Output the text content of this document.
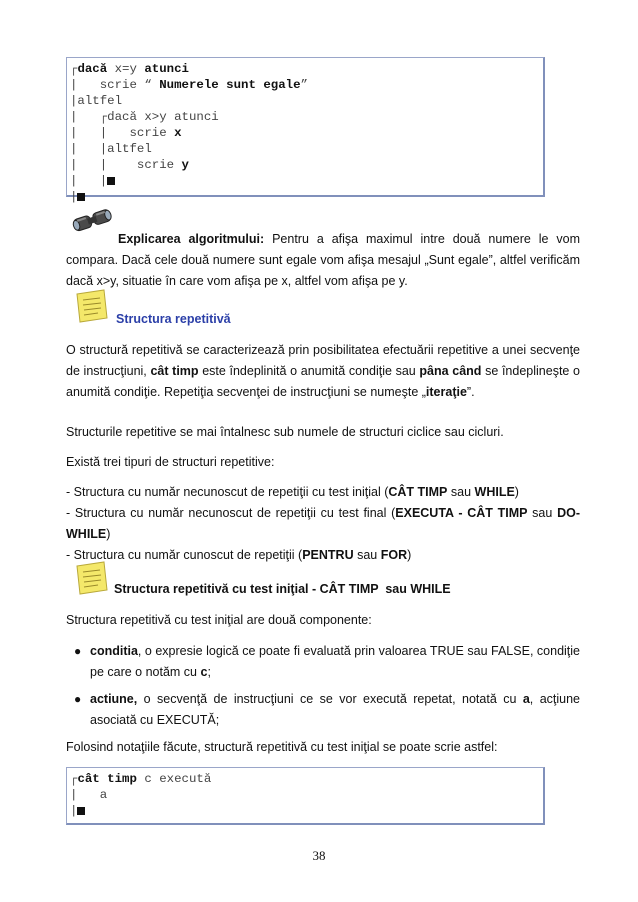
┌dacă x=y atunci
|   scrie “ Numerele sunt egale”
|altfel
|   ┌dacă x>y atunci
|   |   scrie x
|   |altfel
|   |    scrie y
|   |
|

Explicarea algoritmului: Pentru a afişa maximul intre două numere le vom compara. Dacă cele două numere sunt egale vom afişa mesajul „Sunt egale”, altfel verificăm dacă x>y, situatie în care vom afişa pe x, altfel vom afişa pe y.

Structura repetitivă

O structură repetitivă se caracterizează prin posibilitatea efectuării repetitive a unei secvenţe de instrucţiuni, cât timp este îndeplinită o anumită condiţie sau pâna când se îndeplineşte o anumită condiţie. Repetiţia secvenţei de instrucţiuni se numeşte „iteraţie”.

Structurile repetitive se mai întalnesc sub numele de structuri ciclice sau cicluri.

Există trei tipuri de structuri repetitive:

- Structura cu număr necunoscut de repetiţii cu test iniţial (CÂT TIMP sau WHILE)
- Structura cu număr necunoscut de repetiţii cu test final (EXECUTA - CÂT TIMP sau DO-WHILE)
- Structura cu număr cunoscut de repetiţii (PENTRU sau FOR)

Structura repetitivă cu test iniţial - CÂT TIMP  sau WHILE

Structura repetitivă cu test iniţial are două componente:

● conditia, o expresie logică ce poate fi evaluată prin valoarea TRUE sau FALSE, condiţie pe care o notăm cu c;
● actiune, o secvenţă de instrucţiuni ce se vor execută repetat, notată cu a, acţiune asociată cu EXECUTĂ;

Folosind notaţiile făcute, structură repetitivă cu test iniţial se poate scrie astfel:

┌cât timp c execută
|   a
|
38
